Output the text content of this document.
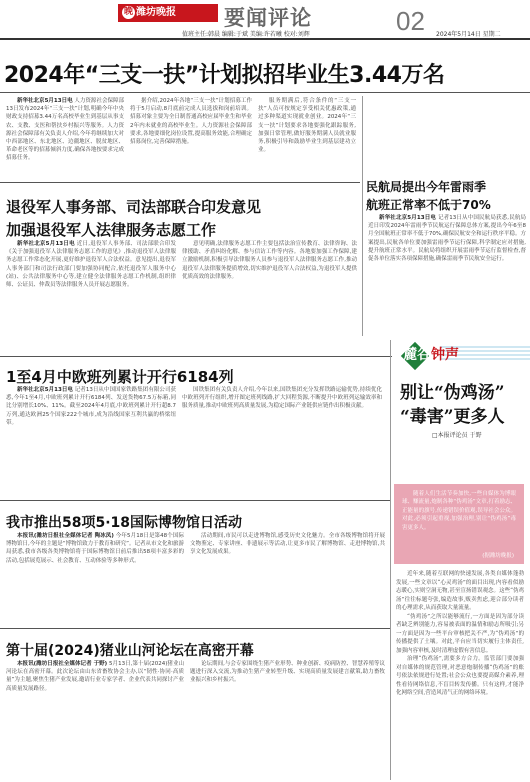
潍坊晚报
晚	要闻评论	02
值班主任:韩晨 编辑:于斌 美编:许若曦 校对:刘辉	2024年5月14日 星期二
2024年“三支一扶”计划拟招毕业生3.44万名

新华社北京5月13日电 人力资源社会保障部13日发布2024年“三支一扶”计划,明确今年中央财政支持招募3.44万名高校毕业生到基层从事支农、支教、支医和帮扶乡村振兴等服务。人力资源社会保障部有关负责人介绍,今年将继续加大对中西部地区、东北地区、边疆地区、脱贫地区、革命老区等的招募倾斜力度,确保各地按要求完成招募任务。

据介绍,2024年各地“三支一扶”计划招募工作将于5月启动,8月底前完成人员选拔和岗前培训。招募对象主要为全日制普通高校应届毕业生和毕业2年内未就业的高校毕业生。人力资源社会保障部要求,各地要细化岗位设置,提高服务效能,合理确定招募岗位,完善保障措施。

服务期满后,符合条件的“三支一扶”人员可按规定享受相关优惠政策,通过多种渠道实现就业创业。2024年“三支一扶”计划要求各地要强化跟踪服务,加强日常管理,做好服务期满人员就业服务,积极引导和鼓励毕业生到基层建功立业。

民航局提出今年雷雨季
航班正常率不低于70%

新华社北京5月13日电 记者13日从中国民航局获悉,民航局近日印发2024年雷雨季节民航运行保障总体方案,提出今年6至8月全国航班正常率不低于70%,确保民航安全和运行秩序平稳。方案提出,民航各单位要加强雷雨季节运行保障,科学制定应对措施,提升航班正常水平。民航局将组织开展雷雨季节运行监督检查,督促各单位落实各项保障措施,确保雷雨季节民航安全运行。

退役军人事务部、司法部联合印发意见
加强退役军人法律服务志愿工作

新华社北京5月13日电 近日,退役军人事务部、司法部联合印发《关于加强退役军人法律服务志愿工作的意见》,推动退役军人法律服务志愿工作常态化开展,更好维护退役军人合法权益。意见提出,退役军人事务部门和司法行政部门要加强协同配合,依托退役军人服务中心(站)、公共法律服务中心等,建立健全法律服务志愿工作机制,组织律师、公证员、仲裁员等法律服务人员开展志愿服务。

意见明确,法律服务志愿工作主要包括法治宣传教育、法律咨询、法律援助、矛盾纠纷化解、参与信访工作等内容。各地要加强工作保障,建立激励机制,积极引导法律服务人员参与退役军人法律服务志愿工作,推动退役军人法律服务提质增效,切实维护退役军人合法权益,为退役军人提供优质高效的法律服务。

1至4月中欧班列累计开行6184列

新华社北京5月13日电 记者13日从中国国家铁路集团有限公司获悉,今年1至4月,中欧班列累计开行6184列、发送货物67.5万标箱,同比分别增长10%、11%。截至2024年4月底,中欧班列累计开行超8.7万列,通达欧洲25个国家222个城市,成为沿线国家互利共赢的桥梁纽带。

国铁集团有关负责人介绍,今年以来,国铁集团充分发挥铁路运输优势,持续优化中欧班列开行组织,增开图定班列线路,扩大回程货源,不断提升中欧班列运输效率和服务质量,推动中欧班列高质量发展,为稳定国际产业链供应链作出积极贡献。

我市推出58项5·18国际博物馆日活动

本报讯(潍坊日报社全媒体记者 陶冰凤) 今年5月18日是第48个国际博物馆日,今年的主题是“博物馆致力于教育和研究”。记者从市文化和旅游局获悉,我市各级各类博物馆将于国际博物馆日前后推出58项丰富多彩的活动,包括展览展示、社会教育、互动体验等多种形式。

活动期间,市民可以走进博物馆,感受历史文化魅力。全市各级博物馆将开展文物鉴定、专家讲座、非遗展示等活动,让更多市民了解博物馆、走进博物馆,共享文化发展成果。

第十届(2024)猪业山河论坛在高密开幕

本报讯(潍坊日报社全媒体记者 于野) 5月13日,第十届(2024)猪业山河论坛在高密开幕。此次论坛由山东省畜牧协会主办,以“韧性·协同·高质量”为主题,聚焦生猪产业发展,邀请行业专家学者、企业代表共同探讨产业高质量发展路径。

论坛期间,与会专家围绕生猪产业形势、种业创新、疫病防控、智慧养殖等议题进行深入交流,为推动生猪产业转型升级、实现高质量发展建言献策,助力畜牧业振兴和乡村振兴。

麓谷钟声
别让“伪鸡汤”
“毒害”更多人
□本报评论员 于野
随着人们生活节奏加快,一些自媒体为博眼球、赚流量,炮制各种“伪鸡汤”文章,打着励志、正能量的旗号,传递错误价值观,误导社会公众。对此,必须引起重视,加强治理,别让“伪鸡汤”毒害更多人。
(据潍坊晚报)

近年来,随着互联网的快速发展,各类自媒体蓬勃发展,一些文章以“心灵鸡汤”的面目出现,内容看似励志暖心,实则空洞无物,甚至宣扬错误观念。这些“伪鸡汤”往往标题夸张,编造故事,贩卖焦虑,迎合部分读者的心理需求,从而获取大量流量。

“伪鸡汤”之所以能够流行,一方面是因为部分读者缺乏辨别能力,容易被表面的温情和励志所吸引;另一方面是因为一些平台审核把关不严,为“伪鸡汤”的传播提供了土壤。对此,平台应当切实履行主体责任,加强内容审核,及时清理虚假有害信息。

治理“伪鸡汤”,需要多方合力。监管部门要加强对自媒体的规范管理,对恶意炮制传播“伪鸡汤”的账号依法依规进行处置;社会公众也要提高媒介素养,理性看待网络信息,不盲目转发传播。只有这样,才能净化网络空间,营造风清气正的网络环境。
